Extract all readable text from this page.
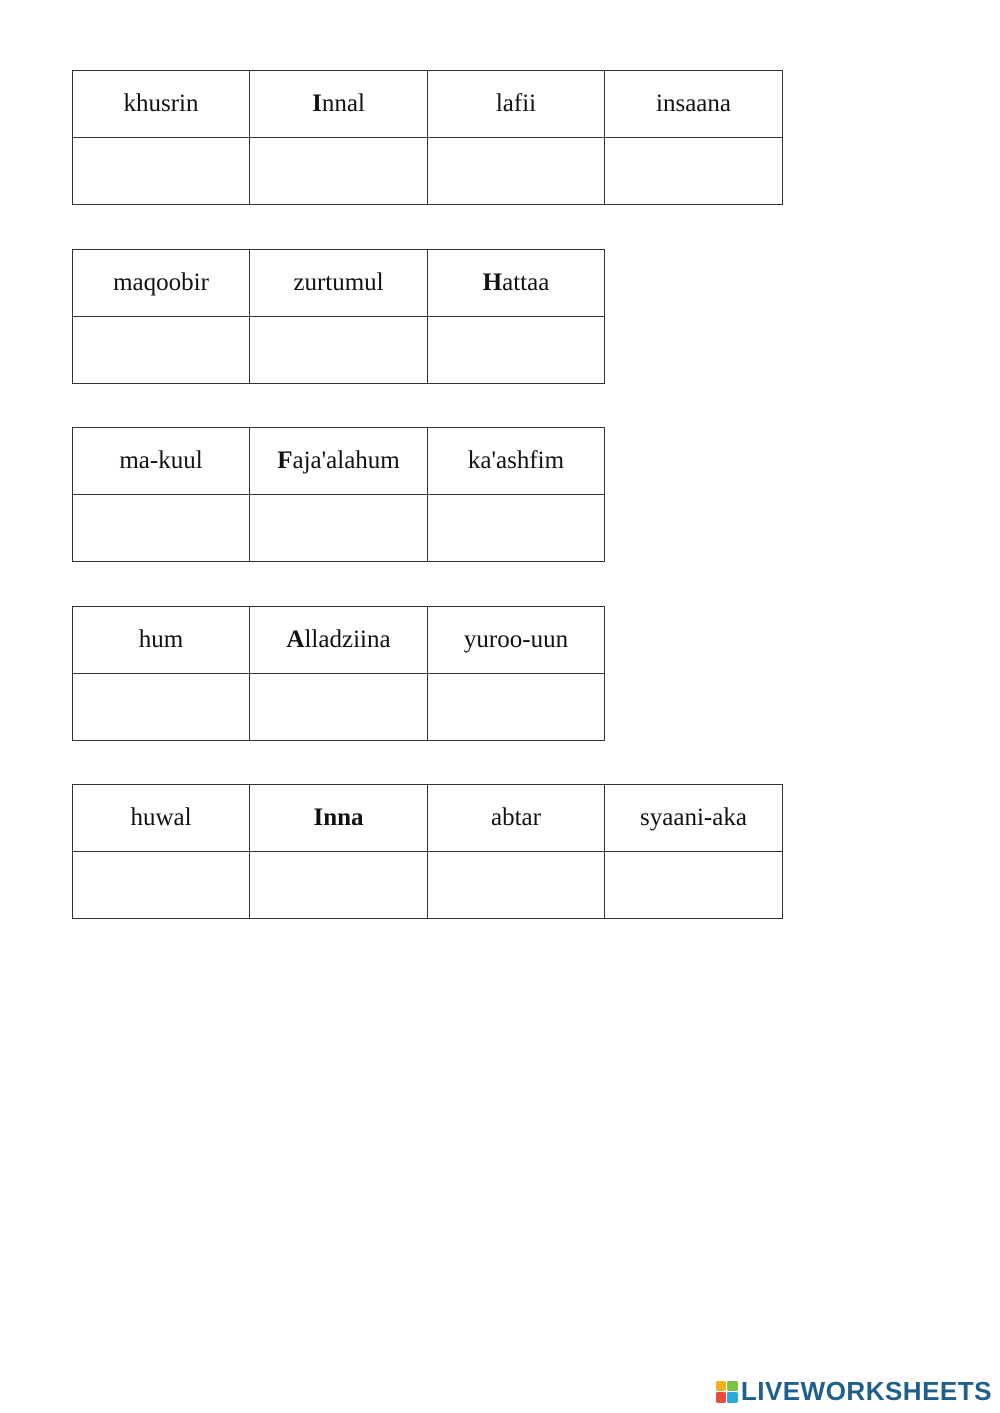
khusrin	Innal	lafii	insaana

maqoobir	zurtumul	Hattaa

ma-kuul	Faja'alahum	ka'ashfim

hum	Alladziina	yuroo-uun

huwal	Inna	abtar	syaani-aka

LIVEWORKSHEETS
